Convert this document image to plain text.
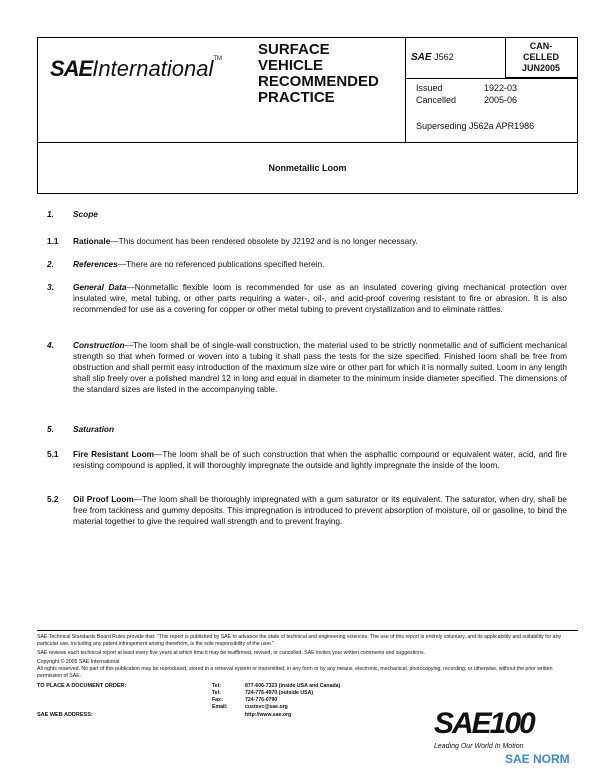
SAEInternational™
SURFACE
VEHICLE
RECOMMENDED
PRACTICE
SAE J562
CAN-
CELLED
JUN2005
Issued	1922-03
Cancelled	2005-06
Superseding J562a APR1986
Nonmetallic Loom
1. Scope
1.1 Rationale—This document has been rendered obsolete by J2192 and is no longer necessary.
2. References—There are no referenced publications specified herein.
3. General Data—Nonmetallic flexible loom is recommended for use as an insulated covering giving mechanical protection over insulated wire, metal tubing, or other parts requiring a water-, oil-, and acid-proof covering resistant to fire or abrasion. It is also recommended for use as a covering for copper or other metal tubing to prevent crystallization and to eliminate rattles.
4. Construction—The loom shall be of single-wall construction, the material used to be strictly nonmetallic and of sufficient mechanical strength so that when formed or woven into a tubing it shall pass the tests for the size specified. Finished loom shall be free from obstruction and shall permit easy introduction of the maximum size wire or other part for which it is normally suited. Loom in any length shall slip freely over a polished mandrel 12 in long and equal in diameter to the minimum inside diameter specified. The dimensions of the standard sizes are listed in the accompanying table.
5. Saturation
5.1 Fire Resistant Loom—The loom shall be of such construction that when the asphaltic compound or equivalent water, acid, and fire resisting compound is applied, it will thoroughly impregnate the outside and lightly impregnate the inside of the loom.
5.2 Oil Proof Loom—The loom shall be thoroughly impregnated with a gum saturator or its equivalent. The saturator, when dry, shall be free from tackiness and gummy deposits. This impregnation is introduced to prevent absorption of moisture, oil or gasoline, to bind the material together to give the required wall strength and to prevent fraying.

SAE Technical Standards Board Rules provide that: "This report is published by SAE to advance the state of technical and engineering sciences. The use of this report is entirely voluntary, and its applicability and suitability for any particular use, including any patent infringement arising therefrom, is the sole responsibility of the user."

SAE reviews each technical report at least every five years at which time it may be reaffirmed, revised, or cancelled. SAE invites your written comments and suggestions.

Copyright © 2005 SAE International

All rights reserved. No part of this publication may be reproduced, stored in a retrieval system or transmitted, in any form or by any means, electronic, mechanical, photocopying, recording, or otherwise, without the prior written permission of SAE.

TO PLACE A DOCUMENT ORDER:	Tel:	877-606-7323 (inside USA and Canada)
Tel:	724-776-4970 (outside USA)
Fax:	724-776-0790
Email:	custsvc@sae.org
SAE WEB ADDRESS:	http://www.sae.org	SAE100
Leading Our World In Motion
SAE NORM
